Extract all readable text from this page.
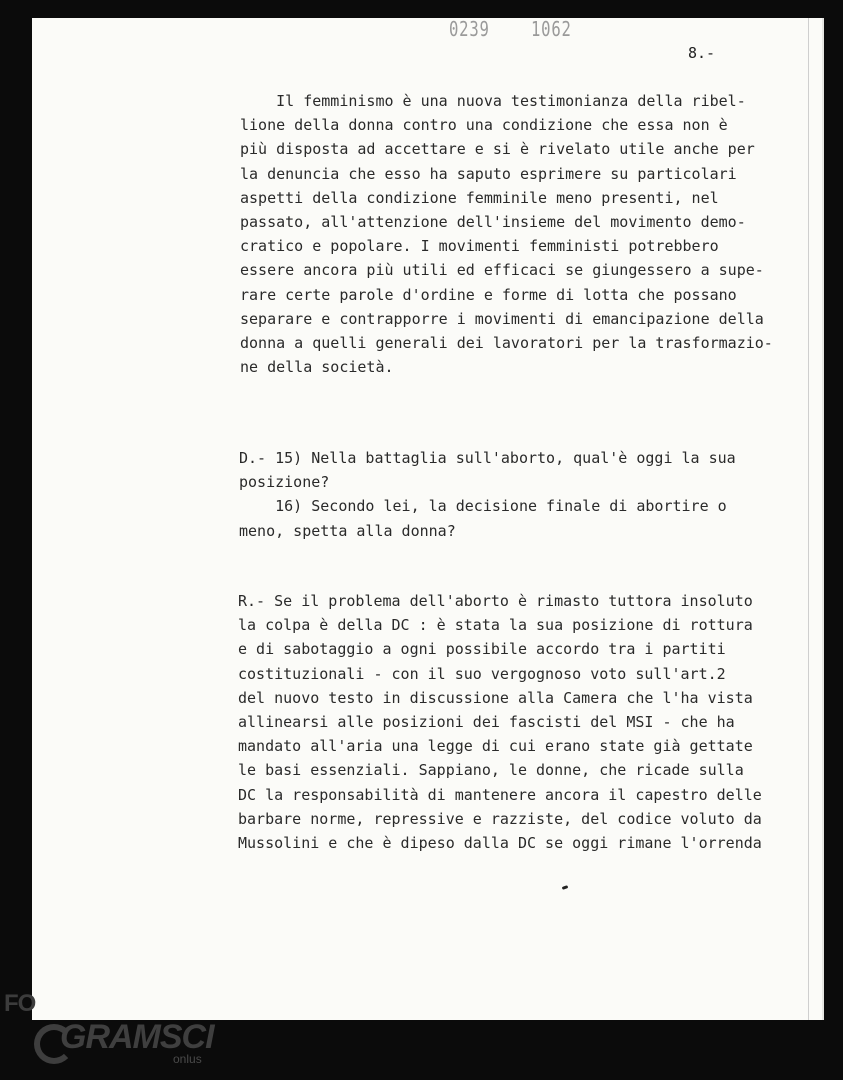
0239 1062
8.-

Il femminismo è una nuova testimonianza della ribel-
lione della donna contro una condizione che essa non è
più disposta ad accettare e si è rivelato utile anche per
la denuncia che esso ha saputo esprimere su particolari
aspetti della condizione femminile meno presenti, nel
passato, all'attenzione dell'insieme del movimento demo-
cratico e popolare. I movimenti femministi potrebbero
essere ancora più utili ed efficaci se giungessero a supe-
rare certe parole d'ordine e forme di lotta che possano
separare e contrapporre i movimenti di emancipazione della
donna a quelli generali dei lavoratori per la trasformazio-
ne della società.

D.- 15) Nella battaglia sull'aborto, qual'è oggi la sua
posizione?
16) Secondo lei, la decisione finale di abortire o
meno, spetta alla donna?

R.- Se il problema dell'aborto è rimasto tuttora insoluto
la colpa è della DC : è stata la sua posizione di rottura
e di sabotaggio a ogni possibile accordo tra i partiti
costituzionali - con il suo vergognoso voto sull'art.2
del nuovo testo in discussione alla Camera che l'ha vista
allinearsi alle posizioni dei fascisti del MSI - che ha
mandato all'aria una legge di cui erano state già gettate
le basi essenziali. Sappiano, le donne, che ricade sulla
DC la responsabilità di mantenere ancora il capestro delle
barbare norme, repressive e razziste, del codice voluto da
Mussolini e che è dipeso dalla DC se oggi rimane l'orrenda

FO
GRAMSCI
onlus
